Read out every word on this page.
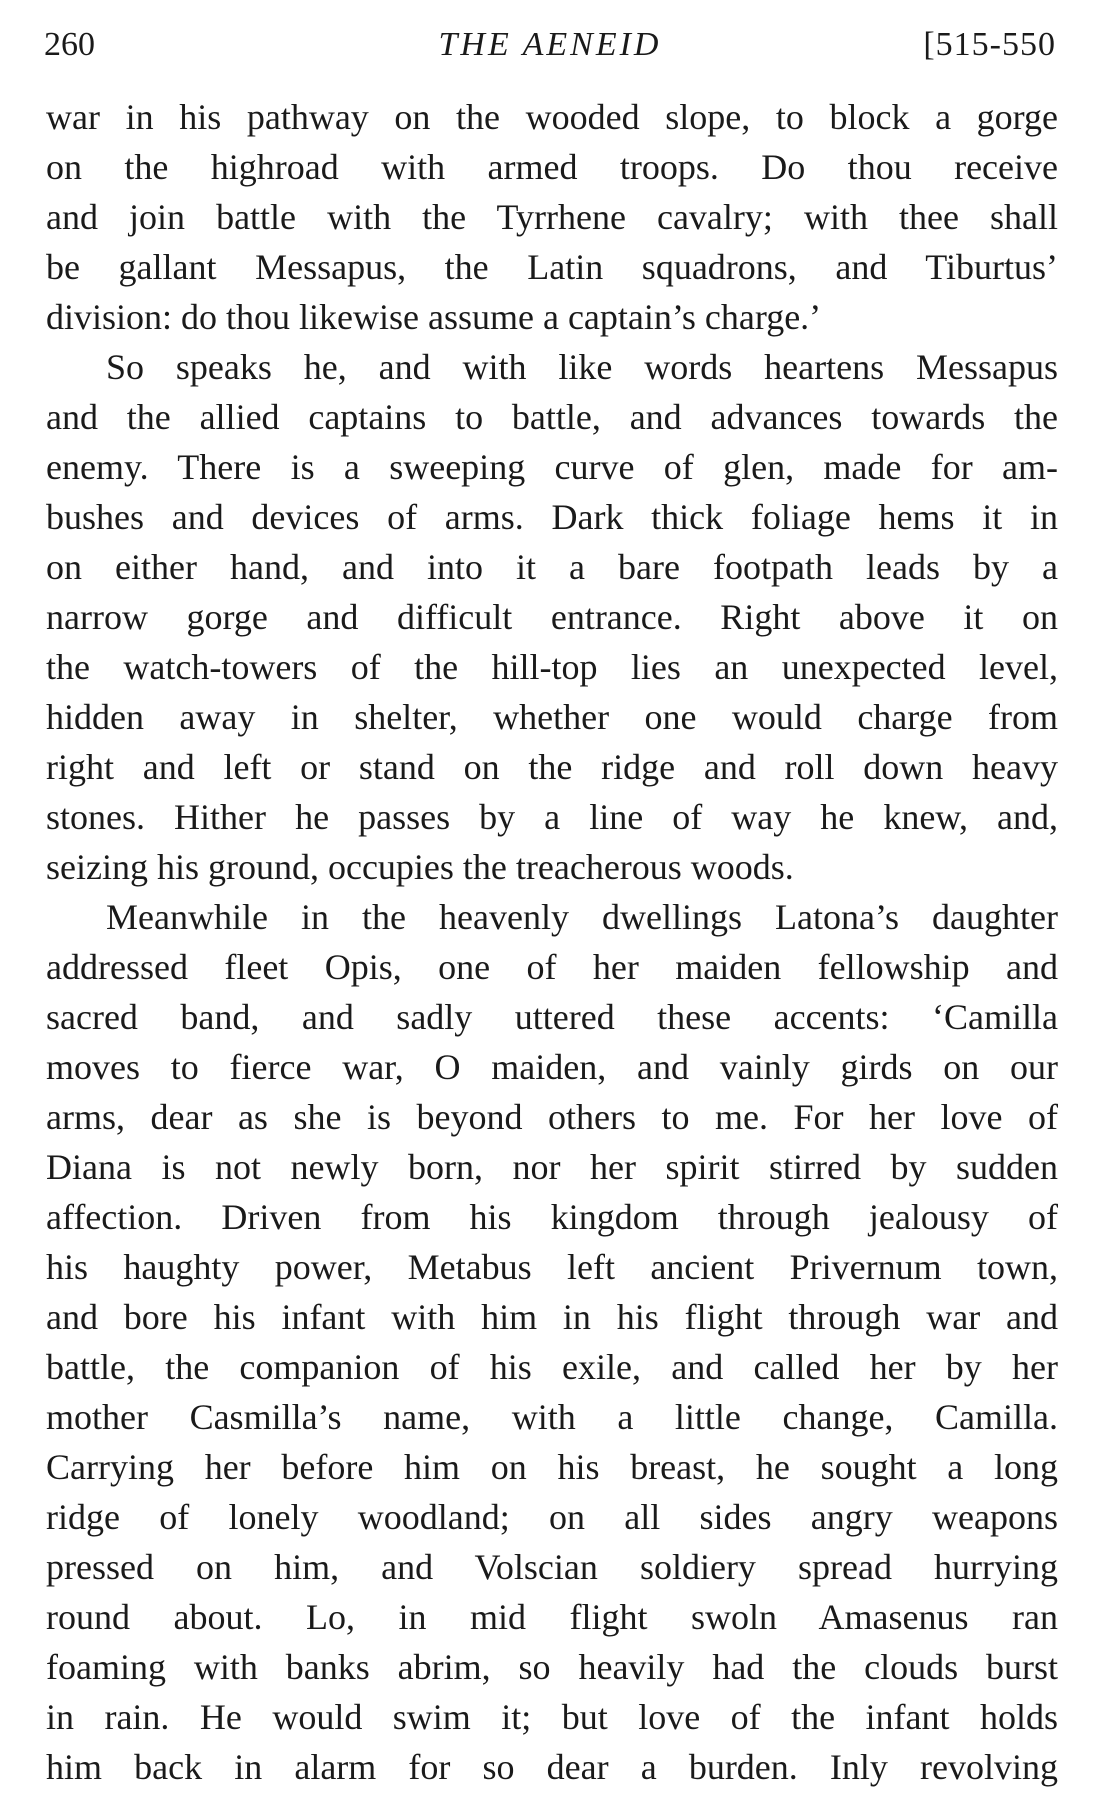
260	THE AENEID	[515-550
war in his pathway on the wooded slope, to block a gorge
on the highroad with armed troops. Do thou receive
and join battle with the Tyrrhene cavalry; with thee shall
be gallant Messapus, the Latin squadrons, and Tiburtus’
division: do thou likewise assume a captain’s charge.’
So speaks he, and with like words heartens Messapus
and the allied captains to battle, and advances towards the
enemy. There is a sweeping curve of glen, made for am-
bushes and devices of arms. Dark thick foliage hems it in
on either hand, and into it a bare footpath leads by a
narrow gorge and difficult entrance. Right above it on
the watch-towers of the hill-top lies an unexpected level,
hidden away in shelter, whether one would charge from
right and left or stand on the ridge and roll down heavy
stones. Hither he passes by a line of way he knew, and,
seizing his ground, occupies the treacherous woods.
Meanwhile in the heavenly dwellings Latona’s daughter
addressed fleet Opis, one of her maiden fellowship and
sacred band, and sadly uttered these accents: ‘Camilla
moves to fierce war, O maiden, and vainly girds on our
arms, dear as she is beyond others to me. For her love of
Diana is not newly born, nor her spirit stirred by sudden
affection. Driven from his kingdom through jealousy of
his haughty power, Metabus left ancient Privernum town,
and bore his infant with him in his flight through war and
battle, the companion of his exile, and called her by her
mother Casmilla’s name, with a little change, Camilla.
Carrying her before him on his breast, he sought a long
ridge of lonely woodland; on all sides angry weapons
pressed on him, and Volscian soldiery spread hurrying
round about. Lo, in mid flight swoln Amasenus ran
foaming with banks abrim, so heavily had the clouds burst
in rain. He would swim it; but love of the infant holds
him back in alarm for so dear a burden. Inly revolving
